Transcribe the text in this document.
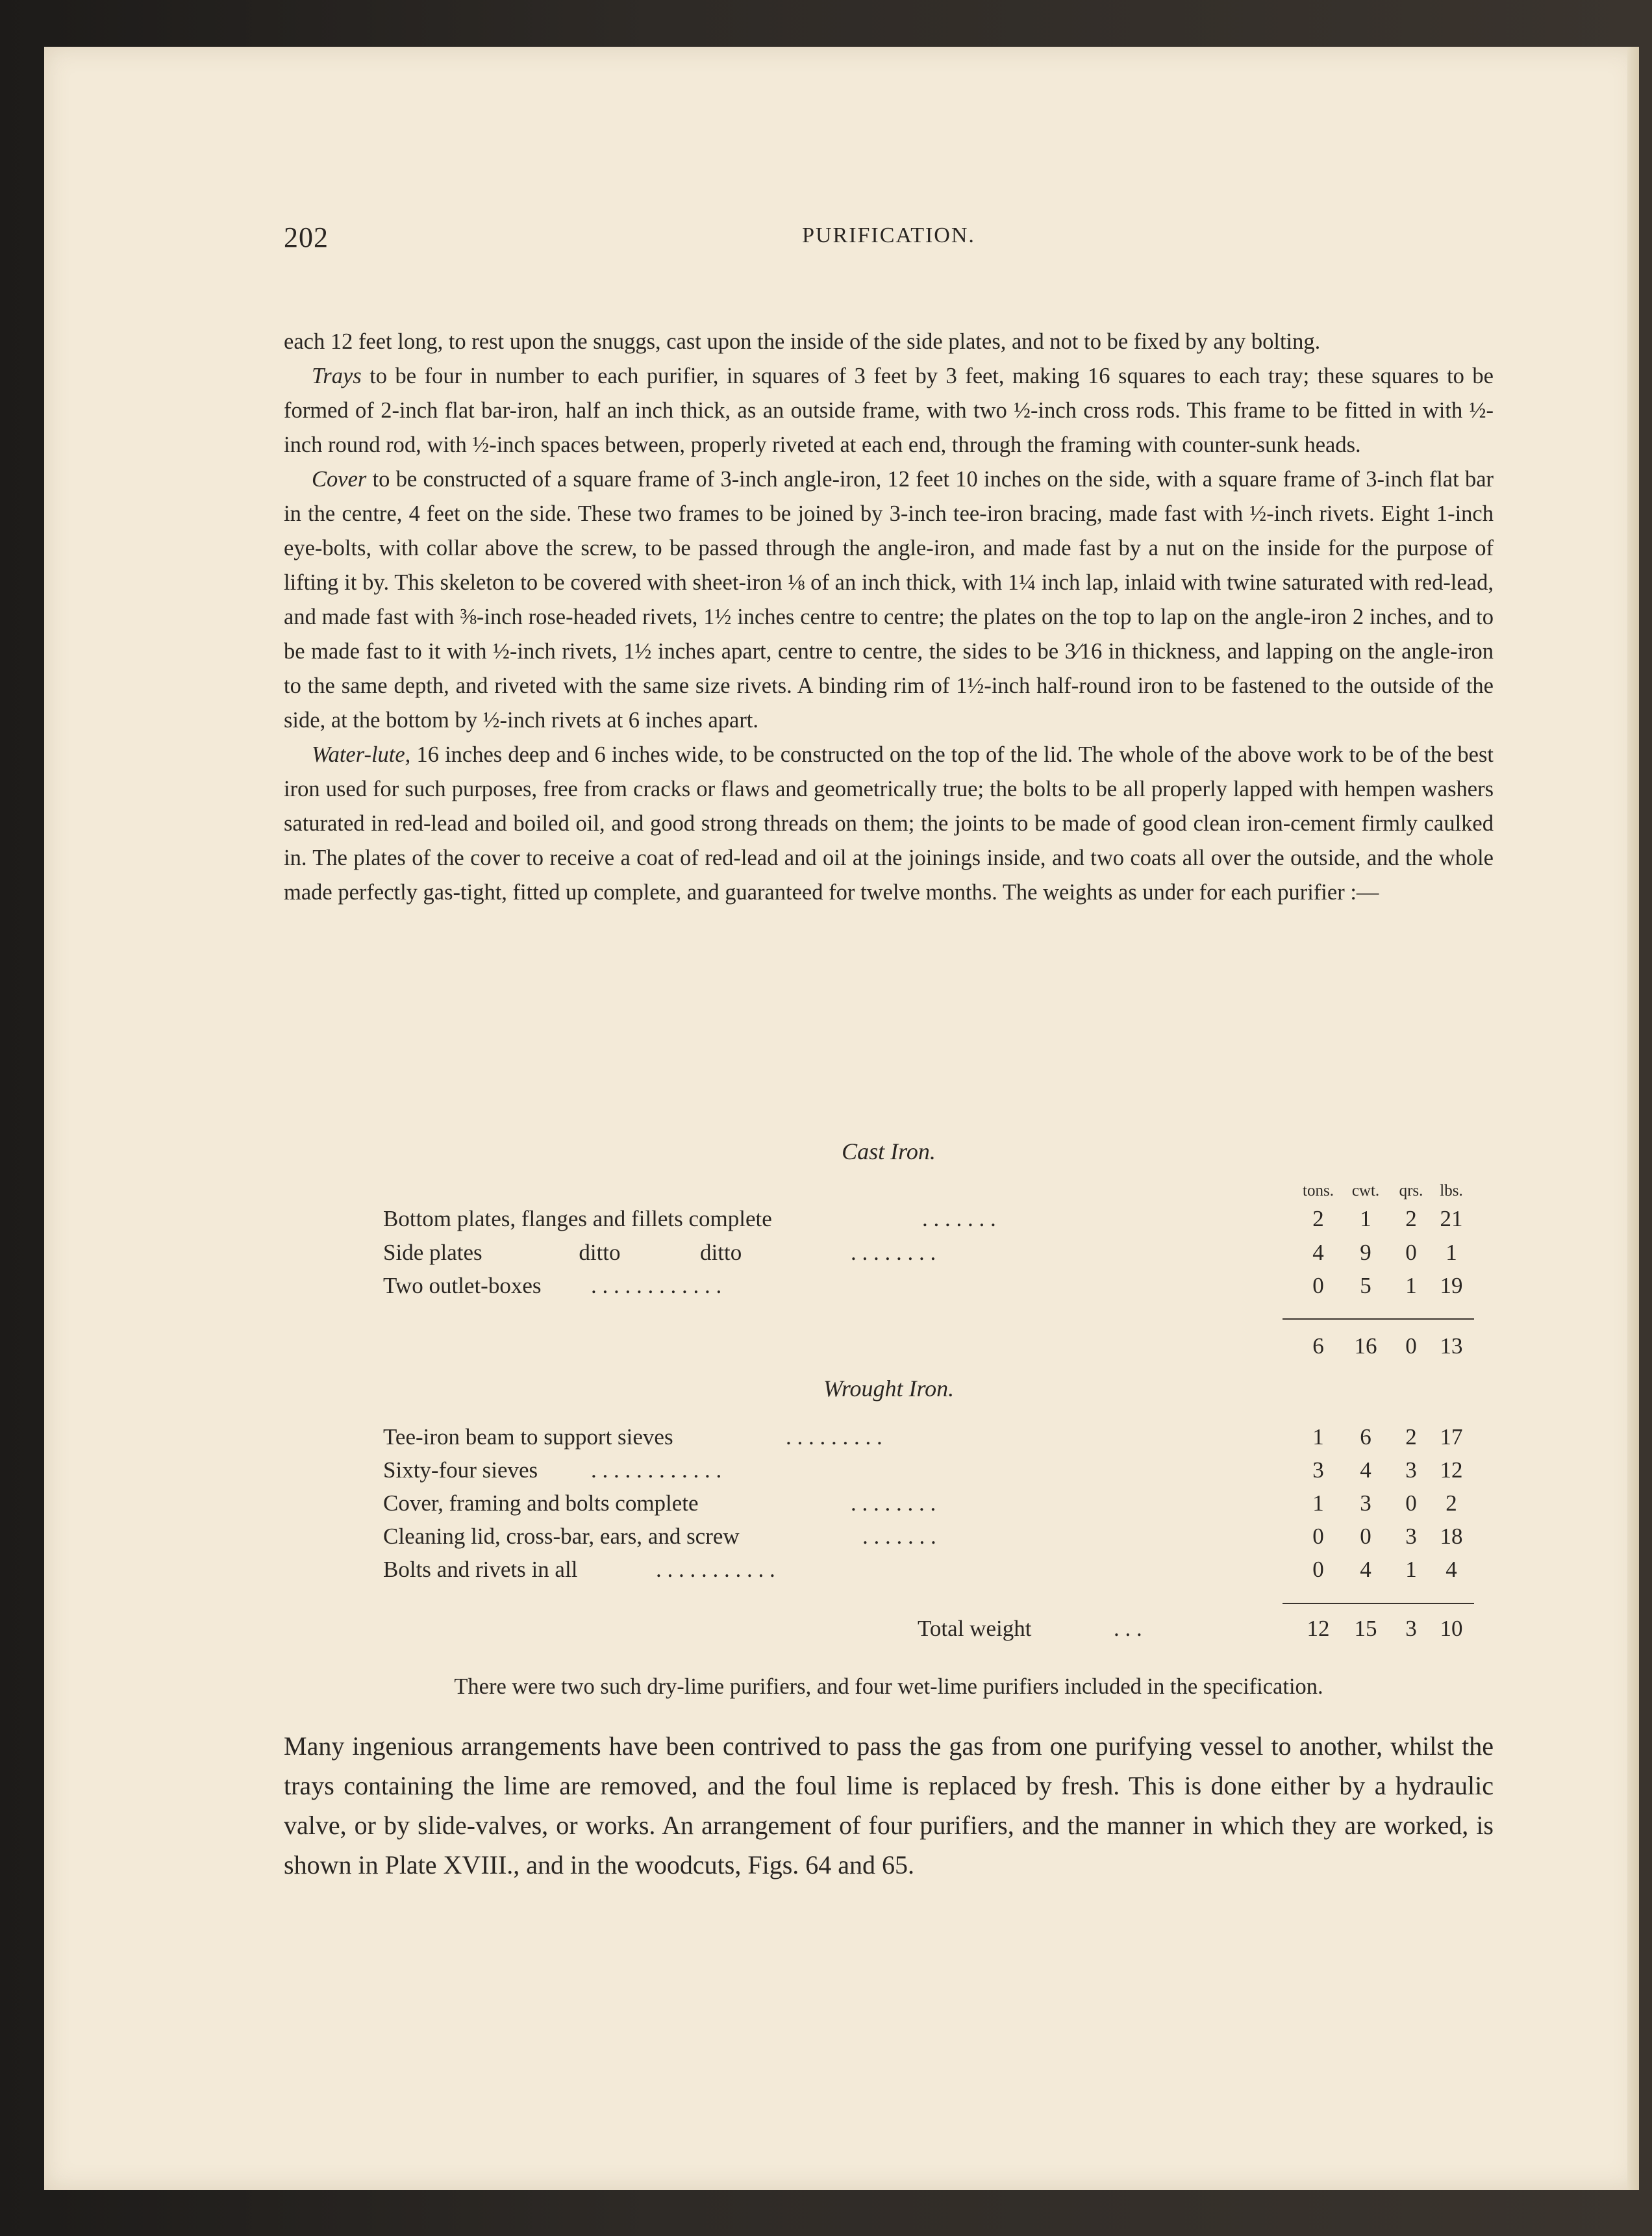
202	PURIFICATION.

each 12 feet long, to rest upon the snuggs, cast upon the inside of the side plates, and not to be fixed by any bolting.

Trays to be four in number to each purifier, in squares of 3 feet by 3 feet, making 16 squares to each tray; these squares to be formed of 2-inch flat bar-iron, half an inch thick, as an outside frame, with two ½-inch cross rods. This frame to be fitted in with ½-inch round rod, with ½-inch spaces between, properly riveted at each end, through the framing with counter-sunk heads.

Cover to be constructed of a square frame of 3-inch angle-iron, 12 feet 10 inches on the side, with a square frame of 3-inch flat bar in the centre, 4 feet on the side. These two frames to be joined by 3-inch tee-iron bracing, made fast with ½-inch rivets. Eight 1-inch eye-bolts, with collar above the screw, to be passed through the angle-iron, and made fast by a nut on the inside for the purpose of lifting it by. This skeleton to be covered with sheet-iron ⅛ of an inch thick, with 1¼ inch lap, inlaid with twine saturated with red-lead, and made fast with ⅜-inch rose-headed rivets, 1½ inches centre to centre; the plates on the top to lap on the angle-iron 2 inches, and to be made fast to it with ½-inch rivets, 1½ inches apart, centre to centre, the sides to be 3⁄16 in thickness, and lapping on the angle-iron to the same depth, and riveted with the same size rivets. A binding rim of 1½-inch half-round iron to be fastened to the outside of the side, at the bottom by ½-inch rivets at 6 inches apart.

Water-lute, 16 inches deep and 6 inches wide, to be constructed on the top of the lid. The whole of the above work to be of the best iron used for such purposes, free from cracks or flaws and geometrically true; the bolts to be all properly lapped with hempen washers saturated in red-lead and boiled oil, and good strong threads on them; the joints to be made of good clean iron-cement firmly caulked in. The plates of the cover to receive a coat of red-lead and oil at the joinings inside, and two coats all over the outside, and the whole made perfectly gas-tight, fitted up complete, and guaranteed for twelve months. The weights as under for each purifier :—

Cast Iron.
tons.	cwt.	qrs.	lbs.
Bottom plates, flanges and fillets complete	. . . . . . .	2	1	2	21
Side plates                 ditto              ditto	. . . . . . . .	4	9	0	1
Two outlet-boxes . . . . . . . . . . . .	0	5	1	19
6	16	0	13
Wrought Iron.
Tee-iron beam to support sieves	. . . . . . . . .	1	6	2	17
Sixty-four sieves . . . . . . . . . . . .	3	4	3	12
Cover, framing and bolts complete	. . . . . . . .	1	3	0	2
Cleaning lid, cross-bar, ears, and screw	. . . . . . .	0	0	3	18
Bolts and rivets in all	. . . . . . . . . . .	0	4	1	4
Total weight	. . .	12	15	3	10
There were two such dry-lime purifiers, and four wet-lime purifiers included in the specification.

Many ingenious arrangements have been contrived to pass the gas from one purifying vessel to another, whilst the trays containing the lime are removed, and the foul lime is replaced by fresh. This is done either by a hydraulic valve, or by slide-valves, or works. An arrangement of four purifiers, and the manner in which they are worked, is shown in Plate XVIII., and in the woodcuts, Figs. 64 and 65.
